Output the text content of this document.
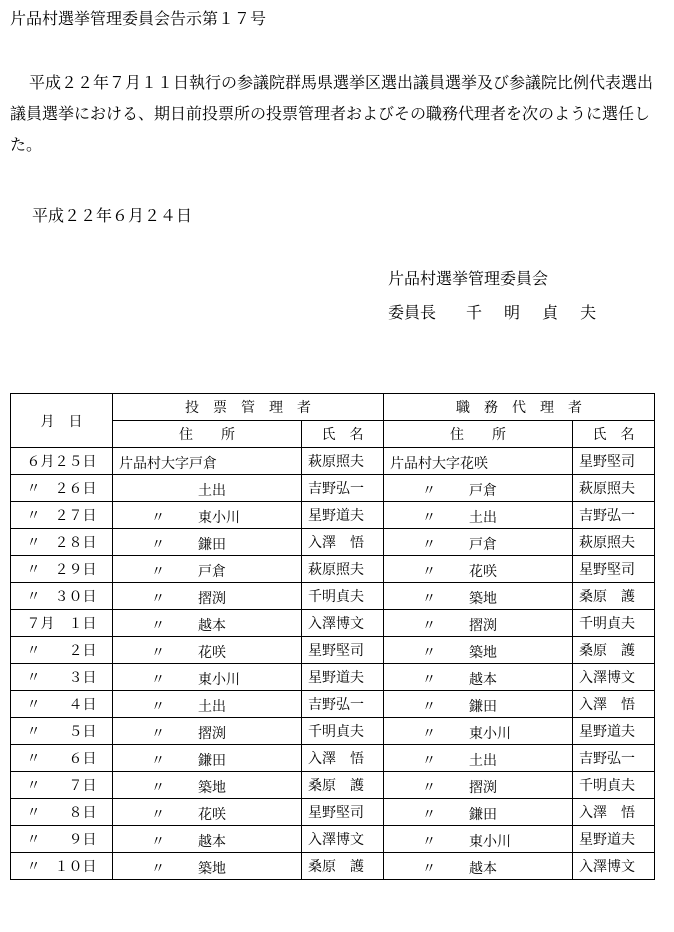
片品村選挙管理委員会告示第１７号

平成２２年７月１１日執行の参議院群馬県選挙区選出議員選挙及び参議院比例代表選出議員選挙における、期日前投票所の投票管理者およびその職務代理者を次のように選任した。

平成２２年６月２４日
片品村選挙管理委員会
委員長 千 明 貞 夫
月　日	投　票　管　理　者		職　務　代　理　者	
	住　　所	氏　名	住　　所	氏　名
６月２５日	片品村大字戸倉	萩原照夫	片品村大字花咲	星野堅司
〃　２６日	土出	吉野弘一	〃 戸倉	萩原照夫
〃　２７日	〃 東小川	星野道夫	〃 土出	吉野弘一
〃　２８日	〃 鎌田	入澤　悟	〃 戸倉	萩原照夫
〃　２９日	〃 戸倉	萩原照夫	〃 花咲	星野堅司
〃　３０日	〃 摺渕	千明貞夫	〃 築地	桑原　護
７月　１日	〃 越本	入澤博文	〃 摺渕	千明貞夫
〃　　２日	〃 花咲	星野堅司	〃 築地	桑原　護
〃　　３日	〃 東小川	星野道夫	〃 越本	入澤博文
〃　　４日	〃 土出	吉野弘一	〃 鎌田	入澤　悟
〃　　５日	〃 摺渕	千明貞夫	〃 東小川	星野道夫
〃　　６日	〃 鎌田	入澤　悟	〃 土出	吉野弘一
〃　　７日	〃 築地	桑原　護	〃 摺渕	千明貞夫
〃　　８日	〃 花咲	星野堅司	〃 鎌田	入澤　悟
〃　　９日	〃 越本	入澤博文	〃 東小川	星野道夫
〃　１０日	〃 築地	桑原　護	〃 越本	入澤博文
